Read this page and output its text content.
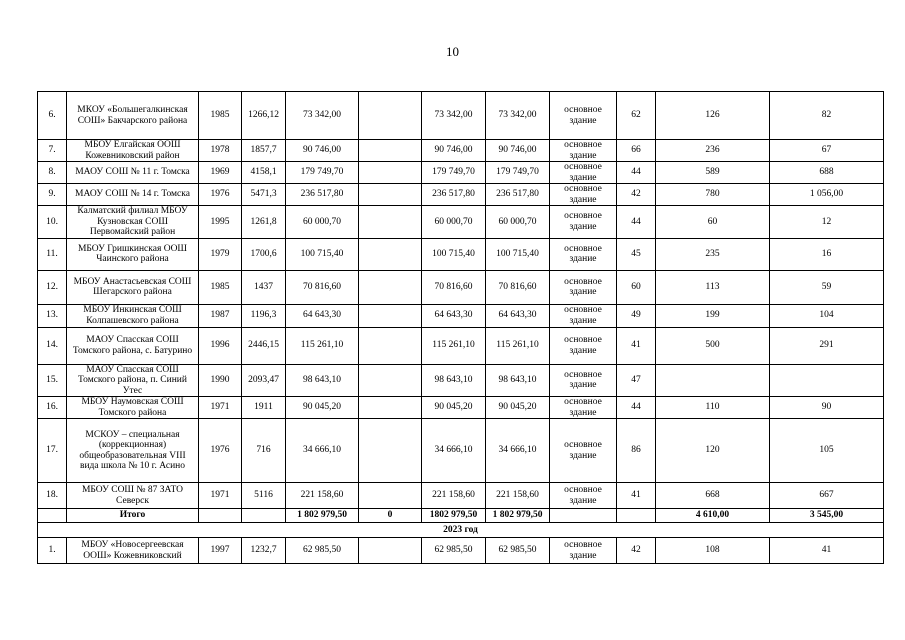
10
6.	МКОУ «Большегалкинская СОШ» Бакчарского района	1985	1266,12	73 342,00		73 342,00	73 342,00	основное здание	62	126	82
7.	МБОУ Елгайская ООШ Кожевниковский район	1978	1857,7	90 746,00		90 746,00	90 746,00	основное здание	66	236	67
8.	МАОУ СОШ № 11 г. Томска	1969	4158,1	179 749,70		179 749,70	179 749,70	основное здание	44	589	688
9.	МАОУ СОШ № 14 г. Томска	1976	5471,3	236 517,80		236 517,80	236 517,80	основное здание	42	780	1 056,00
10.	Калматский филиал МБОУ Кузновская СОШ Первомайский район	1995	1261,8	60 000,70		60 000,70	60 000,70	основное здание	44	60	12
11.	МБОУ Гришкинская ООШ Чаинского района	1979	1700,6	100 715,40		100 715,40	100 715,40	основное здание	45	235	16
12.	МБОУ Анастасьевская СОШ Шегарского района	1985	1437	70 816,60		70 816,60	70 816,60	основное здание	60	113	59
13.	МБОУ Инкинская СОШ Колпашевского района	1987	1196,3	64 643,30		64 643,30	64 643,30	основное здание	49	199	104
14.	МАОУ Спасская СОШ Томского района, с. Батурино	1996	2446,15	115 261,10		115 261,10	115 261,10	основное здание	41	500	291
15.	МАОУ Спасская СОШ Томского района, п. Синий Утес	1990	2093,47	98 643,10		98 643,10	98 643,10	основное здание	47		
16.	МБОУ Наумовская СОШ Томского района	1971	1911	90 045,20		90 045,20	90 045,20	основное здание	44	110	90
17.	МСКОУ – специальная (коррекционная) общеобразовательная VIII вида школа № 10 г. Асино	1976	716	34 666,10		34 666,10	34 666,10	основное здание	86	120	105
18.	МБОУ СОШ № 87 ЗАТО Северск	1971	5116	221 158,60		221 158,60	221 158,60	основное здание	41	668	667
	Итого			1 802 979,50	0	1802 979,50	1 802 979,50			4 610,00	3 545,00
2023 год											
1.	МБОУ «Новосергеевская ООШ» Кожевниковский	1997	1232,7	62 985,50		62 985,50	62 985,50	основное здание	42	108	41
